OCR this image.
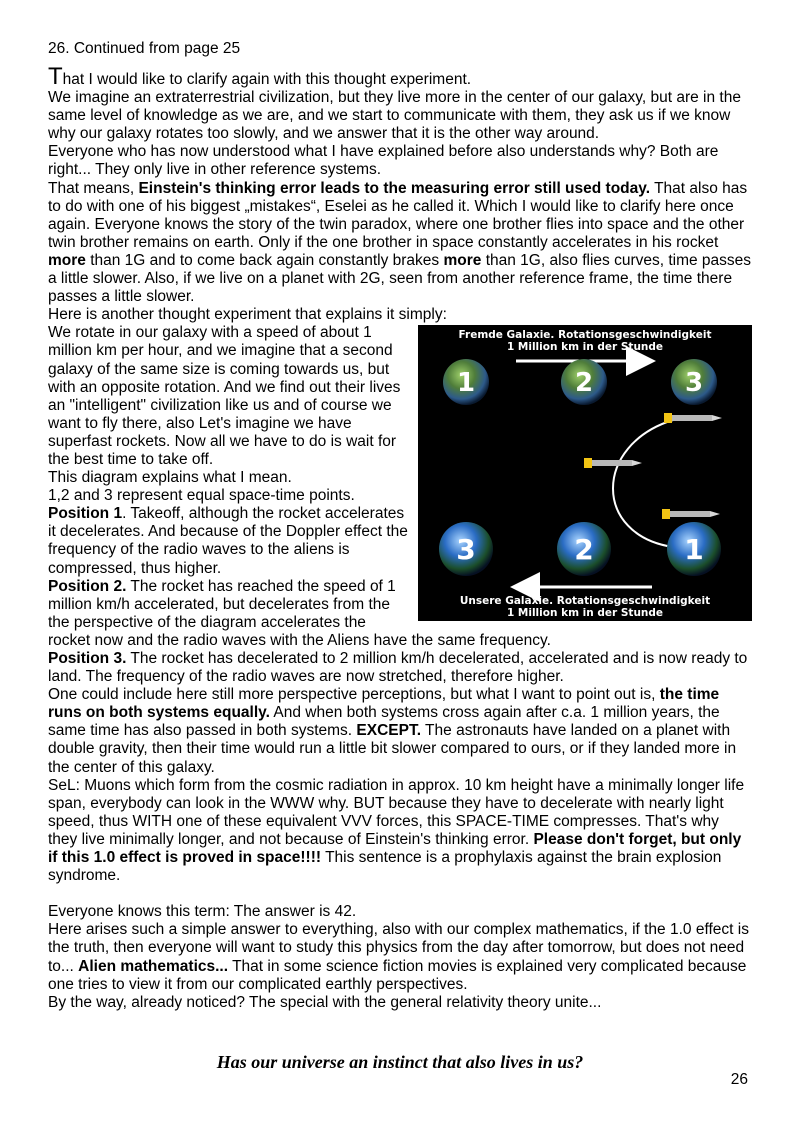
26. Continued from page 25

That I would like to clarify again with this thought experiment.

We imagine an extraterrestrial civilization, but they live more in the center of our galaxy, but are in the same level of knowledge as we are, and we start to communicate with them, they ask us if we know why our galaxy rotates too slowly, and we answer that it is the other way around.

Everyone who has now understood what I have explained before also understands why? Both are right... They only live in other reference systems.

That means, Einstein's thinking error leads to the measuring error still used today. That also has to do with one of his biggest „mistakes“, Eselei as he called it. Which I would like to clarify here once again. Everyone knows the story of the twin paradox, where one brother flies into space and the other twin brother remains on earth. Only if the one brother in space constantly accelerates in his rocket more than 1G and to come back again constantly brakes more than 1G, also flies curves, time passes a little slower. Also, if we live on a planet with 2G, seen from another reference frame, the time there passes a little slower.

Here is another thought experiment that explains it simply:

Fremde Galaxie. Rotationsgeschwindigkeit
1 Million km in der Stunde
1	2	3
3	2	1
Unsere Galaxie. Rotationsgeschwindigkeit
1 Million km in der Stunde

We rotate in our galaxy with a speed of about 1 million km per hour, and we imagine that a second galaxy of the same size is coming towards us, but with an opposite rotation. And we find out their lives an "intelligent" civilization like us and of course we want to fly there, also Let's imagine we have superfast rockets. Now all we have to do is wait for the best time to take off.

This diagram explains what I mean.

1,2 and 3 represent equal space-time points.

Position 1. Takeoff, although the rocket accelerates it decelerates. And because of the Doppler effect the frequency of the radio waves to the aliens is compressed, thus higher.

Position 2. The rocket has reached the speed of 1 million km/h accelerated, but decelerates from the the perspective of the diagram accelerates the rocket now and the radio waves with the Aliens have the same frequency.

Position 3. The rocket has decelerated to 2 million km/h decelerated, accelerated and is now ready to land. The frequency of the radio waves are now stretched, therefore higher.

One could include here still more perspective perceptions, but what I want to point out is, the time runs on both systems equally. And when both systems cross again after c.a. 1 million years, the same time has also passed in both systems. EXCEPT. The astronauts have landed on a planet with double gravity, then their time would run a little bit slower compared to ours, or if they landed more in the center of this galaxy.

SeL: Muons which form from the cosmic radiation in approx. 10 km height have a minimally longer life span, everybody can look in the WWW why. BUT because they have to decelerate with nearly light speed, thus WITH one of these equivalent VVV forces, this SPACE-TIME compresses. That's why they live minimally longer, and not because of Einstein's thinking error. Please don't forget, but only if this 1.0 effect is proved in space!!!! This sentence is a prophylaxis against the brain explosion syndrome.

Everyone knows this term: The answer is 42.

Here arises such a simple answer to everything, also with our complex mathematics, if the 1.0 effect is the truth, then everyone will want to study this physics from the day after tomorrow, but does not need to... Alien mathematics... That in some science fiction movies is explained very complicated because one tries to view it from our complicated earthly perspectives.

By the way, already noticed? The special with the general relativity theory unite...

Has our universe an instinct that also lives in us?
26
